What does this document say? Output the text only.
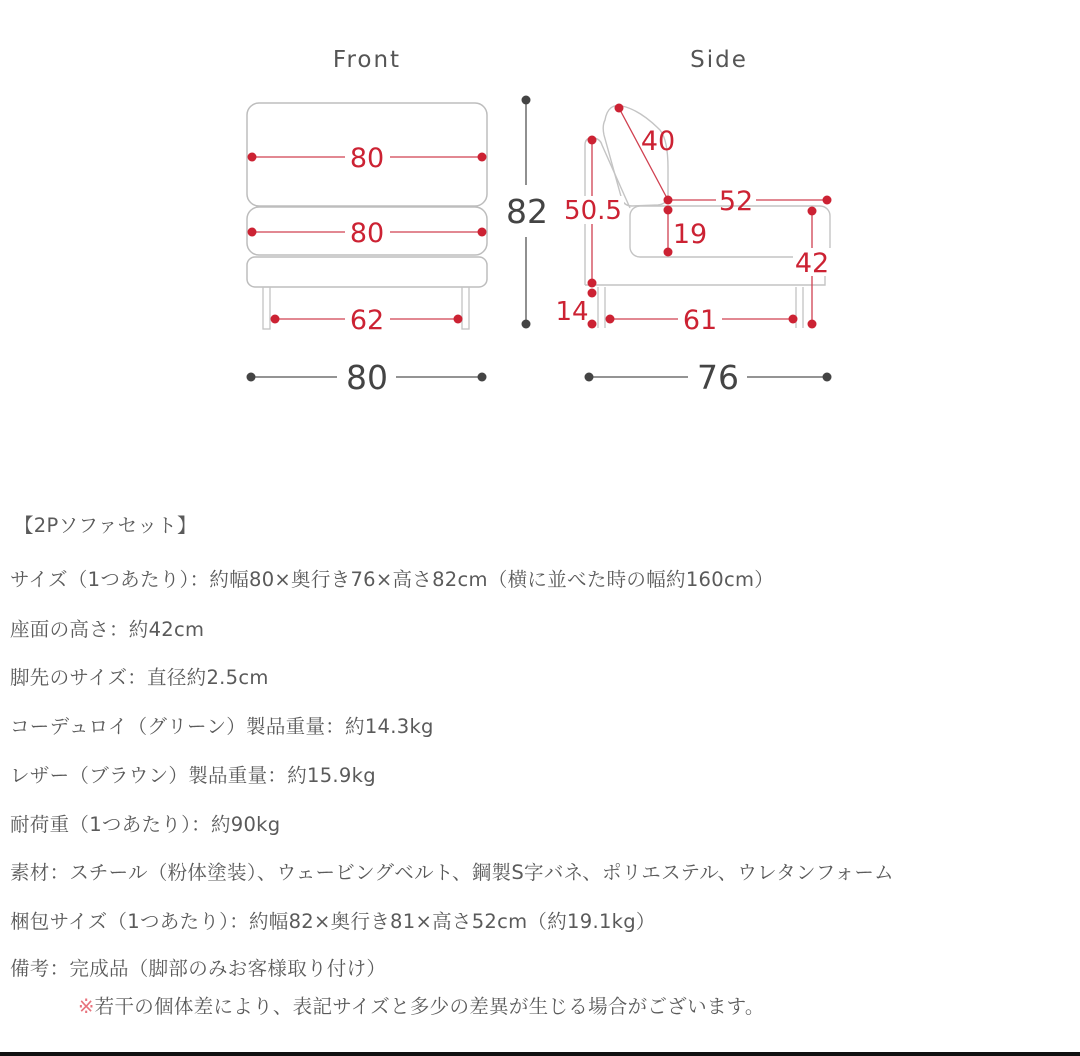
Front
80
80
62
82
80
Side
40
50.5	52
19
42
14	61
76
【2Pソファセット】
サイズ（1つあたり）：約幅80×奥行き76×高さ82cm（横に並べた時の幅約160cm）
座面の高さ：約42cm
脚先のサイズ：直径約2.5cm
コーデュロイ（グリーン）製品重量：約14.3kg
レザー（ブラウン）製品重量：約15.9kg
耐荷重（1つあたり）：約90kg
素材：スチール（粉体塗装）、ウェービングベルト、鋼製S字バネ、ポリエステル、ウレタンフォーム
梱包サイズ（1つあたり）：約幅82×奥行き81×高さ52cm（約19.1kg）
備考：完成品（脚部のみお客様取り付け）
※若干の個体差により、表記サイズと多少の差異が生じる場合がございます。
